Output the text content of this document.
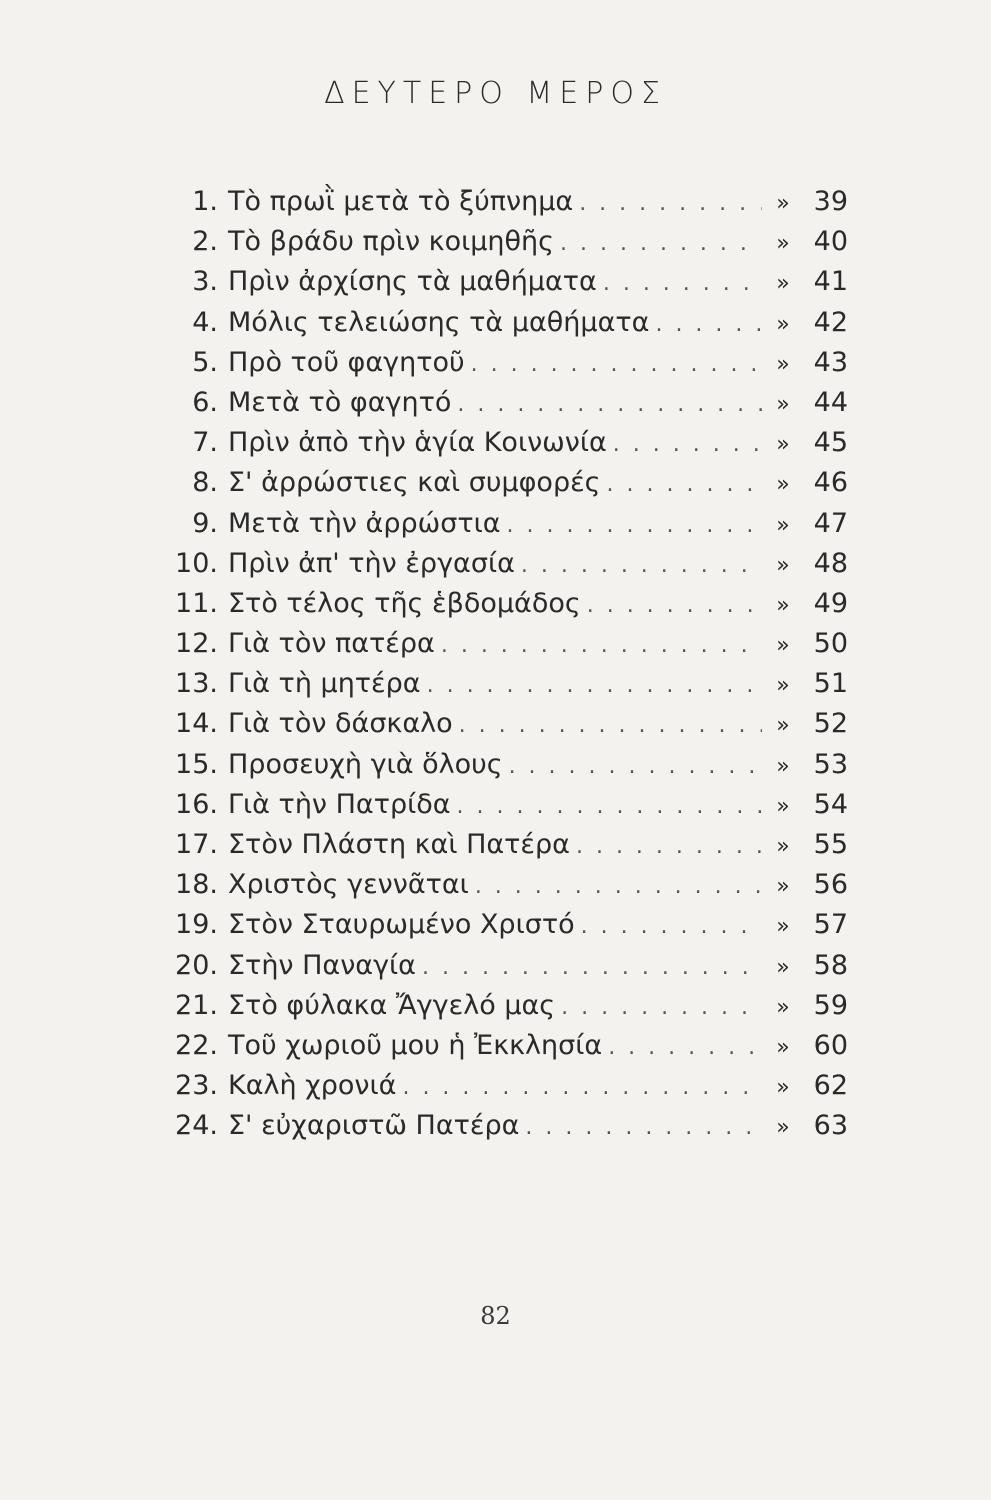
ΔΕΥΤΕΡΟ ΜΕΡΟΣ
1. Τὸ πρωῒ μετὰ τὸ ξύπνημα . . .	» 39
2. Τὸ βράδυ πρὶν κοιμηθῆς . . .	» 40
3. Πρὶν ἀρχίσης τὰ μαθήματα . . .	» 41
4. Μόλις τελειώσης τὰ μαθήματα . . .	» 42
5. Πρὸ τοῦ φαγητοῦ . . .	» 43
6. Μετὰ τὸ φαγητό . . .	» 44
7. Πρὶν ἀπὸ τὴν ἁγία Κοινωνία . . .	» 45
8. Σ' ἀρρώστιες καὶ συμφορές . . .	» 46
9. Μετὰ τὴν ἀρρώστια . . .	» 47
10. Πρὶν ἀπ' τὴν ἐργασία . . .	» 48
11. Στὸ τέλος τῆς ἑβδομάδος . . .	» 49
12. Γιὰ τὸν πατέρα . . .	» 50
13. Γιὰ τὴ μητέρα . . .	» 51
14. Γιὰ τὸν δάσκαλο . . .	» 52
15. Προσευχὴ γιὰ ὅλους . . .	» 53
16. Γιὰ τὴν Πατρίδα . . .	» 54
17. Στὸν Πλάστη καὶ Πατέρα . . .	» 55
18. Χριστὸς γεννᾶται . . .	» 56
19. Στὸν Σταυρωμένο Χριστό . . .	» 57
20. Στὴν Παναγία . . .	» 58
21. Στὸ φύλακα Ἄγγελό μας . . .	» 59
22. Τοῦ χωριοῦ μου ἡ Ἐκκλησία . . .	» 60
23. Καλὴ χρονιά . . .	» 62
24. Σ' εὐχαριστῶ Πατέρα . . .	» 63
82
